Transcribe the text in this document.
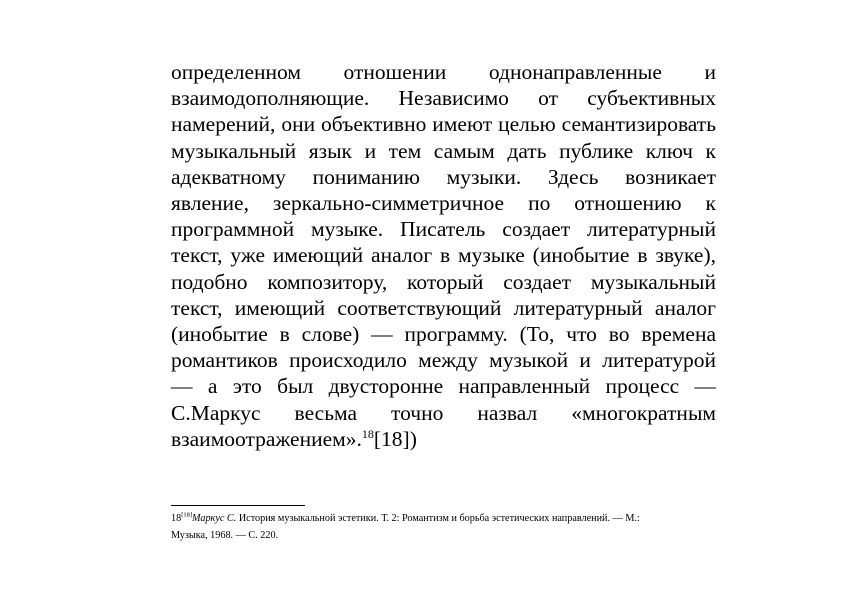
определенном отношении однонаправленные и
взаимодополняющие. Независимо от субъективных
намерений, они объективно имеют целью семантизировать
музыкальный язык и тем самым дать публике ключ к
адекватному пониманию музыки. Здесь возникает
явление, зеркально-симметричное по отношению к
программной музыке. Писатель создает литературный
текст, уже имеющий аналог в музыке (инобытие в звуке),
подобно композитору, который создает музыкальный
текст, имеющий соответствующий литературный аналог
(инобытие в слове) — программу. (То, что во времена
романтиков происходило между музыкой и литературой
— а это был двусторонне направленный процесс —
С.Маркус весьма точно назвал «многократным
взаимоотражением».$^{18}$[18])
18[18]Маркус С. История музыкальной эстетики. Т. 2: Романтизм и борьба эстетических направлений. — М.:
Музыка, 1968. — С. 220.
